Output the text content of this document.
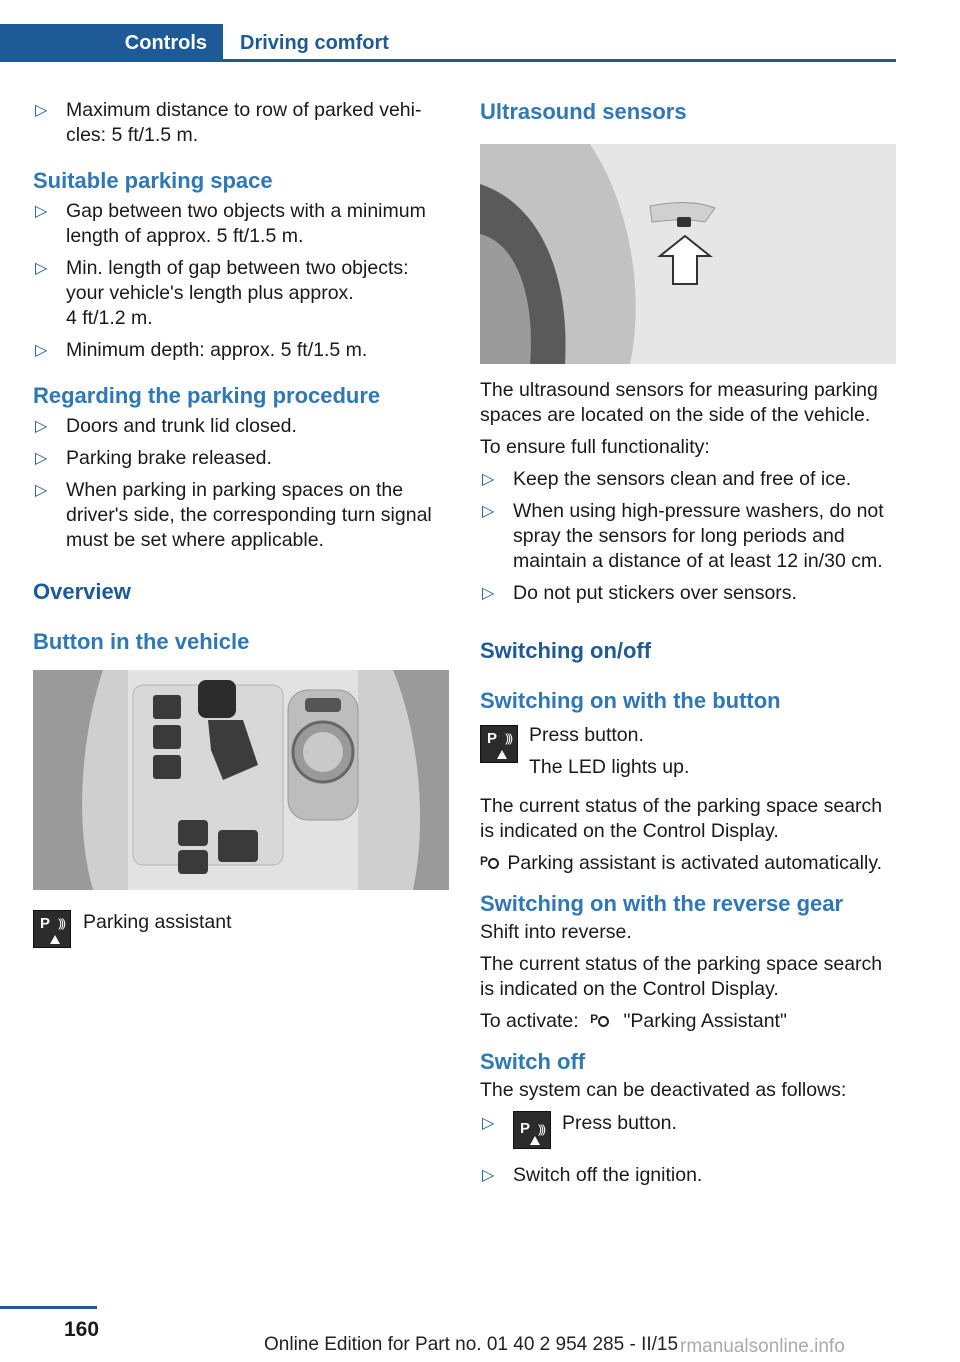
Controls	Driving comfort
▷ Maximum distance to row of parked vehi-cles: 5 ft/1.5 m.
Suitable parking space
▷ Gap between two objects with a minimum length of approx. 5 ft/1.5 m.
▷ Min. length of gap between two objects: your vehicle's length plus approx.
4 ft/1.2 m.
▷ Minimum depth: approx. 5 ft/1.5 m.
Regarding the parking procedure
▷ Doors and trunk lid closed.
▷ Parking brake released.
▷ When parking in parking spaces on the driver's side, the corresponding turn signal must be set where applicable.
Overview
Button in the vehicle
P ))) Parking assistant
Ultrasound sensors

The ultrasound sensors for measuring parking spaces are located on the side of the vehicle.

To ensure full functionality:

▷ Keep the sensors clean and free of ice.
▷ When using high-pressure washers, do not spray the sensors for long periods and maintain a distance of at least 12 in/30 cm.
▷ Do not put stickers over sensors.
Switching on/off
Switching on with the button
P ))) Press button.

The LED lights up.

The current status of the parking space search is indicated on the Control Display.

P Parking assistant is activated automatically.

Switching on with the reverse gear

Shift into reverse.

The current status of the parking space search is indicated on the Control Display.

To activate: P "Parking Assistant"

Switch off

The system can be deactivated as follows:

▷ P ))) Press button.
▷ Switch off the ignition.
160
rmanualsonline.info
Online Edition for Part no. 01 40 2 954 285 - II/15
